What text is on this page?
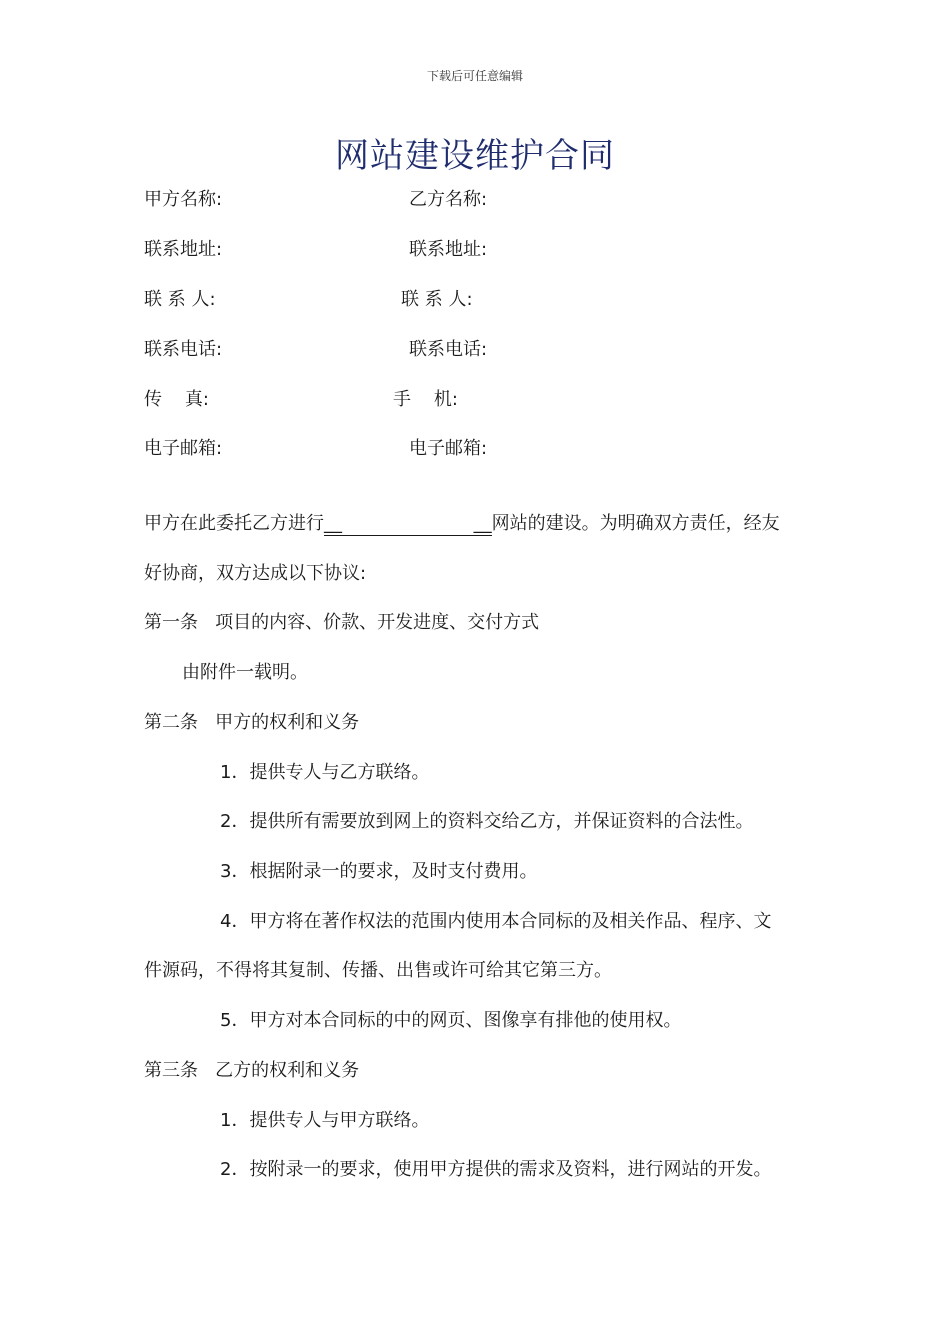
下载后可任意编辑
网站建设维护合同
甲方名称:	乙方名称:
联系地址:	联系地址:
联 系 人:	联 系 人:
联系电话:	联系电话:
传    真:	手    机:
电子邮箱:	电子邮箱:
甲方在此委托乙方进行__                       __网站的建设。为明确双方责任，经友
好协商，双方达成以下协议:
第一条   项目的内容、价款、开发进度、交付方式
由附件一载明。
第二条   甲方的权利和义务
1．提供专人与乙方联络。
2．提供所有需要放到网上的资料交给乙方，并保证资料的合法性。
3．根据附录一的要求，及时支付费用。
4．甲方将在著作权法的范围内使用本合同标的及相关作品、程序、文
件源码，不得将其复制、传播、出售或许可给其它第三方。
5．甲方对本合同标的中的网页、图像享有排他的使用权。
第三条   乙方的权利和义务
1．提供专人与甲方联络。
2．按附录一的要求，使用甲方提供的需求及资料，进行网站的开发。
